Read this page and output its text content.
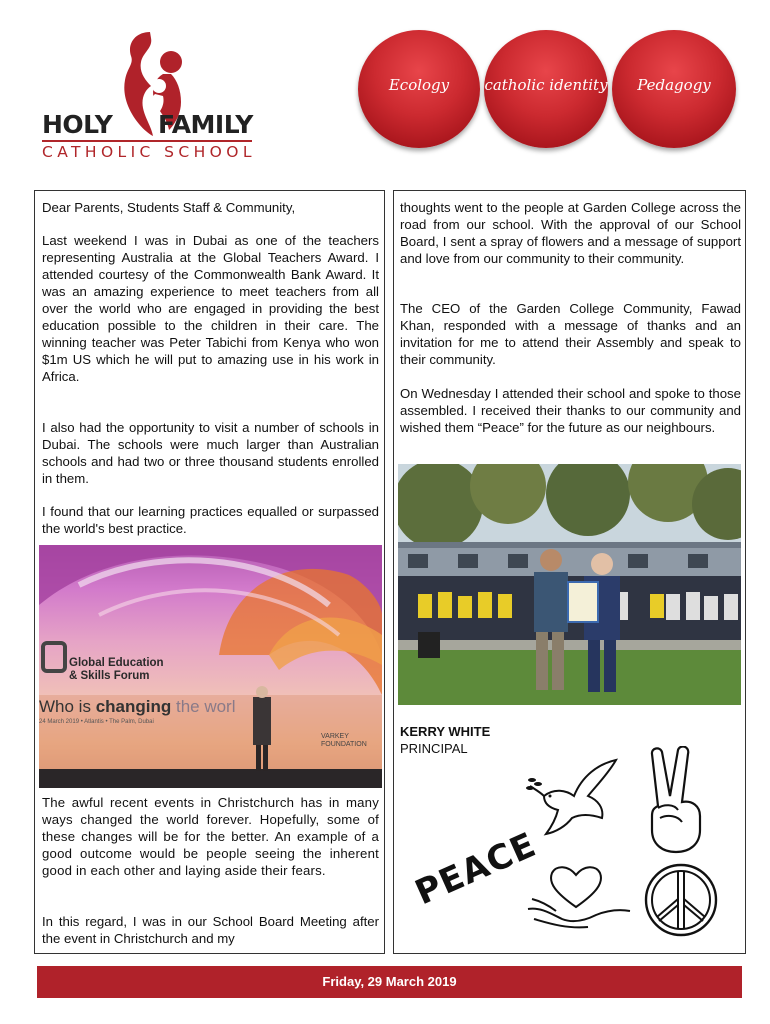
HOLY FAMILY
CATHOLIC SCHOOL
Ecology	catholic identity	Pedagogy
Dear Parents, Students Staff & Community,
Last weekend I was in Dubai as one of the teachers representing Australia at the Global Teachers Award. I attended courtesy of the Commonwealth Bank Award. It was an amazing experience to meet teachers from all over the world who are engaged in providing the best education possible to the children in their care. The winning teacher was Peter Tabichi from Kenya who won $1m US which he will put to amazing use in his work in Africa.
I also had the opportunity to visit a number of schools in Dubai. The schools were much larger than Australian schools and had two or three thousand students enrolled in them.
I found that our learning practices equalled or surpassed the world's best practice.
Global Education
& Skills Forum
Who is changing the worl
24 March 2019 • Atlantis • The Palm, Dubai
VARKEY
FOUNDATION
The awful recent events in Christchurch has in many ways changed the world forever. Hopefully, some of these changes will be for the better. An example of a good outcome would be people seeing the inherent good in each other and laying aside their fears.
In this regard, I was in our School Board Meeting after the event in Christchurch and my
thoughts went to the people at Garden College across the road from our school. With the approval of our School Board, I sent a spray of flowers and a message of support and love from our community to their community.
The CEO of the Garden College Community, Fawad Khan, responded with a message of thanks and an invitation for me to attend their Assembly and speak to their community.
On Wednesday I attended their school and spoke to those assembled. I received their thanks to our community and wished them “Peace” for the future as our neighbours.
KERRY WHITE
PRINCIPAL
PEACE
Friday, 29 March 2019
